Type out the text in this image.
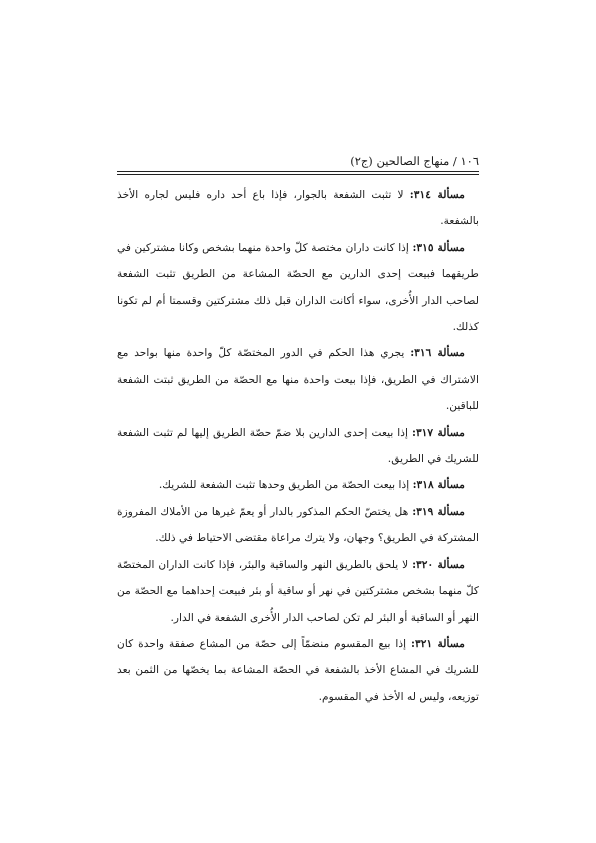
١٠٦ / منهاج الصالحين (ج٢)

مسألة ٣١٤: لا تثبت الشفعة بالجوار، فإذا باع أحد داره فليس لجاره الأخذ بالشفعة.

مسألة ٣١٥: إذا كانت داران مختصة كلّ واحدة منهما بشخص وكانا مشتركين في طريقهما فبيعت إحدى الدارين مع الحصّة المشاعة من الطريق تثبت الشفعة لصاحب الدار الأُخرى، سواء أكانت الداران قبل ذلك مشتركتين وقسمتا أم لم تكونا كذلك.

مسألة ٣١٦: يجري هذا الحكم في الدور المختصّة كلّ واحدة منها بواحد مع الاشتراك في الطريق، فإذا بيعت واحدة منها مع الحصّة من الطريق ثبتت الشفعة للباقين.

مسألة ٣١٧: إذا بيعت إحدى الدارين بلا ضمّ حصّة الطريق إليها لم تثبت الشفعة للشريك في الطريق.

مسألة ٣١٨: إذا بيعت الحصّة من الطريق وحدها تثبت الشفعة للشريك.

مسألة ٣١٩: هل يختصّ الحكم المذكور بالدار أو يعمّ غيرها من الأملاك المفروزة المشتركة في الطريق؟ وجهان، ولا يترك مراعاة مقتضى الاحتياط في ذلك.

مسألة ٣٢٠: لا يلحق بالطريق النهر والساقية والبئر، فإذا كانت الداران المختصّة كلّ منهما بشخص مشتركتين في نهر أو ساقية أو بئر فبيعت إحداهما مع الحصّة من النهر أو الساقية أو البئر لم تكن لصاحب الدار الأُخرى الشفعة في الدار.

مسألة ٣٢١: إذا بيع المقسوم منضمّاً إلى حصّة من المشاع صفقة واحدة كان للشريك في المشاع الأخذ بالشفعة في الحصّة المشاعة بما يخصّها من الثمن بعد توزيعه، وليس له الأخذ في المقسوم.
